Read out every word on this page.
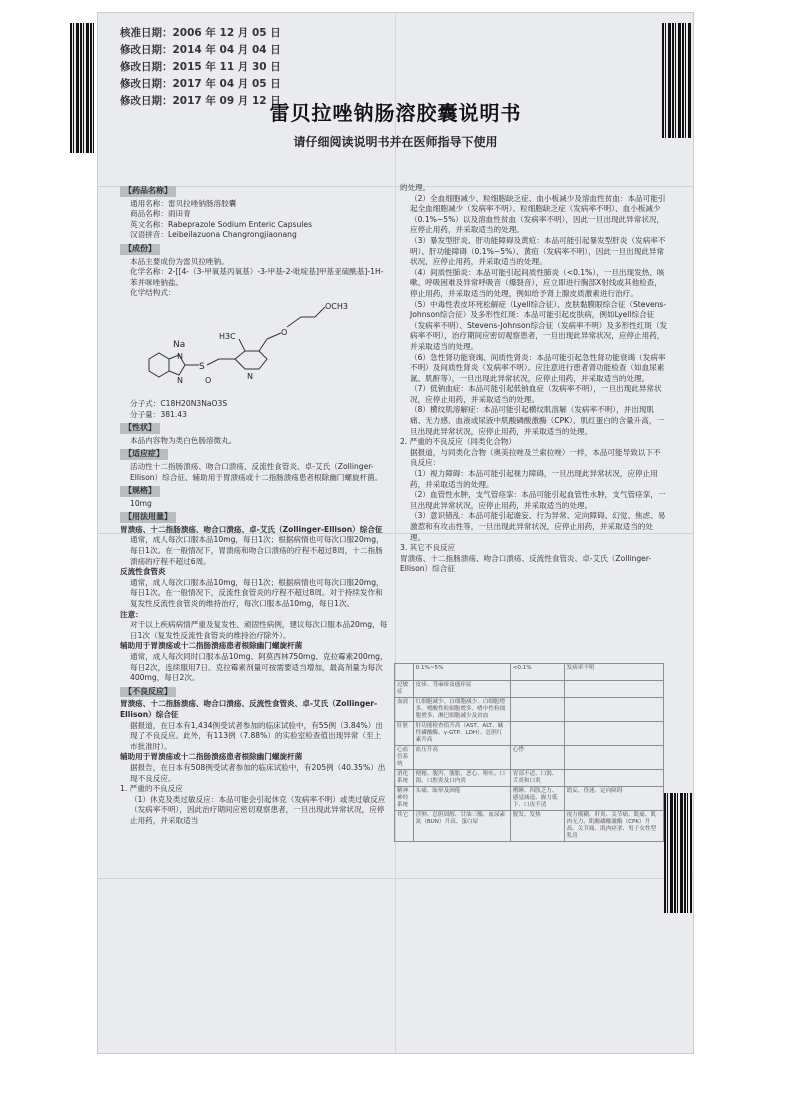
核准日期：2006 年 12 月 05 日
修改日期：2014 年 04 月 04 日
修改日期：2015 年 11 月 30 日
修改日期：2017 年 04 月 05 日
修改日期：2017 年 09 月 12 日
雷贝拉唑钠肠溶胶囊说明书
请仔细阅读说明书并在医师指导下使用
【药品名称】

通用名称：雷贝拉唑钠肠溶胶囊

商品名称：雨田青

英文名称：Rabeprazole Sodium Enteric Capsules

汉语拼音：Leibeilazuona Changrongjiaonang

【成份】

本品主要成份为雷贝拉唑钠。

化学名称：2-[[4-（3-甲氧基丙氧基）-3-甲基-2-吡啶基]甲基亚硫酰基]-1H-苯并咪唑钠盐。

化学结构式：

Na
N
N
S
O	N
H3C	O
OCH3

分子式：C18H20N3NaO3S

分子量：381.43

【性状】

本品内容物为类白色肠溶微丸。

【适应症】

活动性十二指肠溃疡、吻合口溃疡、反流性食管炎、卓-艾氏（Zollinger-Ellison）综合征、辅助用于胃溃疡或十二指肠溃疡患者根除幽门螺旋杆菌。

【规格】

10mg

【用法用量】

胃溃疡、十二指肠溃疡、吻合口溃疡、卓-艾氏（Zollinger-Ellison）综合征

通常，成人每次口服本品10mg，每日1次；根据病情也可每次口服20mg，每日1次。在一般情况下，胃溃疡和吻合口溃疡的疗程不超过8周，十二指肠溃疡的疗程不超过6周。

反流性食管炎

通常，成人每次口服本品10mg，每日1次；根据病情也可每次口服20mg，每日1次。在一般情况下，反流性食管炎的疗程不超过8周。对于持续发作和复发性反流性食管炎的维持治疗，每次口服本品10mg，每日1次。

注意：

对于以上疾病病情严重及复发性、顽固性病例，建议每次口服本品20mg，每日1次（复发性反流性食管炎的维持治疗除外）。

辅助用于胃溃疡或十二指肠溃疡患者根除幽门螺旋杆菌

通常，成人每次同时口服本品10mg、阿莫西林750mg、克拉霉素200mg，每日2次，连续服用7日。克拉霉素剂量可按需要适当增加，最高剂量为每次400mg，每日2次。

【不良反应】

胃溃疡、十二指肠溃疡、吻合口溃疡、反流性食管炎、卓-艾氏（Zollinger-Ellison）综合征

据报道，在日本有1,434例受试者参加的临床试验中，有55例（3.84%）出现了不良反应。此外，有113例（7.88%）的实验室检查值出现异常（至上市批准时）。

辅助用于胃溃疡或十二指肠溃疡患者根除幽门螺旋杆菌

据报告，在日本有508例受试者参加的临床试验中，有205例（40.35%）出现不良反应。

1. 严重的不良反应

（1）休克及类过敏反应：本品可能会引起休克（发病率不明）或类过敏反应（发病率不明），因此治疗期间应密切观察患者，一旦出现此异常状况，应停止用药，并采取适当

的处理。

（2）全血细胞减少、粒细胞缺乏症、血小板减少及溶血性贫血：本品可能引起全血细胞减少（发病率不明）、粒细胞缺乏症（发病率不明）、血小板减少（0.1%~5%）以及溶血性贫血（发病率不明），因此一旦出现此异常状况，应停止用药，并采取适当的处理。

（3）暴发型肝炎、肝功能障碍及黄疸：本品可能引起暴发型肝炎（发病率不明）、肝功能障碍（0.1%~5%）、黄疸（发病率不明），因此一旦出现此异常状况，应停止用药，并采取适当的处理。

（4）间质性肺炎：本品可能引起间质性肺炎（<0.1%），一旦出现发热、咳嗽、呼吸困难及异常呼吸音（爆裂音），应立即进行胸部X射线或其他检查，停止用药，并采取适当的处理，例如给予肾上腺皮质激素进行治疗。

（5）中毒性表皮坏死松解症（Lyell综合征）、皮肤黏膜眼综合征（Stevens-Johnson综合征）及多形性红斑：本品可能引起皮肤病，例如Lyell综合征（发病率不明）、Stevens-Johnson综合征（发病率不明）及多形性红斑（发病率不明），治疗期间应密切观察患者，一旦出现此异常状况，应停止用药，并采取适当的处理。

（6）急性肾功能衰竭、间质性肾炎：本品可能引起急性肾功能衰竭（发病率不明）及间质性肾炎（发病率不明）。应注意进行患者肾功能检查（如血尿素氮、肌酐等），一旦出现此异常状况，应停止用药，并采取适当的处理。

（7）低钠血症：本品可能引起低钠血症（发病率不明），一旦出现此异常状况，应停止用药，并采取适当的处理。

（8）横纹肌溶解症：本品可能引起横纹肌溶解（发病率不明），并出现肌痛、无力感、血液或尿液中肌酸磷酸激酶（CPK）、肌红蛋白的含量升高，一旦出现此异常状况，应停止用药，并采取适当的处理。

2. 严重的不良反应（同类化合物）

据报道，与同类化合物（奥美拉唑及兰索拉唑）一样，本品可能导致以下不良反应：

（1）视力障碍：本品可能引起视力障碍，一旦出现此异常状况，应停止用药，并采取适当的处理。

（2）血管性水肿，支气管痉挛：本品可能引起血管性水肿，支气管痉挛，一旦出现此异常状况，应停止用药，并采取适当的处理。

（3）意识错乱：本品可能引起谵妄、行为异常、定向障碍、幻觉、焦虑、易激惹和有攻击性等，一旦出现此异常状况，应停止用药，并采取适当的处理。

3. 其它不良反应

胃溃疡、十二指肠溃疡、吻合口溃疡、反流性食管炎、卓-艾氏（Zollinger-Ellison）综合征

	0.1%~5%	<0.1%	发病率不明
过敏症	皮疹、荨麻疹及瘙痒症		
血液	红细胞减少、白细胞减少、白细胞增多、嗜酸性粒细胞增多、嗜中性粒细胞增多、淋巴细胞减少及贫血		
肝脏	肝功能检查值升高（AST、ALT、碱性磷酸酶、γ-GTP、LDH）、总胆红素升高		
心血管系统	血压升高	心悸	
消化系统	便秘、腹泻、腹胀、恶心、呕吐、口渴、口腔炎及口内炎	胃部不适、口渴、舌炎和口炎	
精神神经系统	头痛、眩晕及困倦	嗜睡、四肢乏力、感觉减退、握力低下、口齿不清	谵妄、昏迷、定向障碍
其它	浮肿、总胆固醇、甘油三酯、血尿素氮（BUN）升高、蛋白尿	脱发、发热	视力模糊、肝炎、关节痛、肌痛、肌肉无力、肌酸磷酸激酶（CPK）升高、关节痛、肌肉痉挛、男子女性型乳房
